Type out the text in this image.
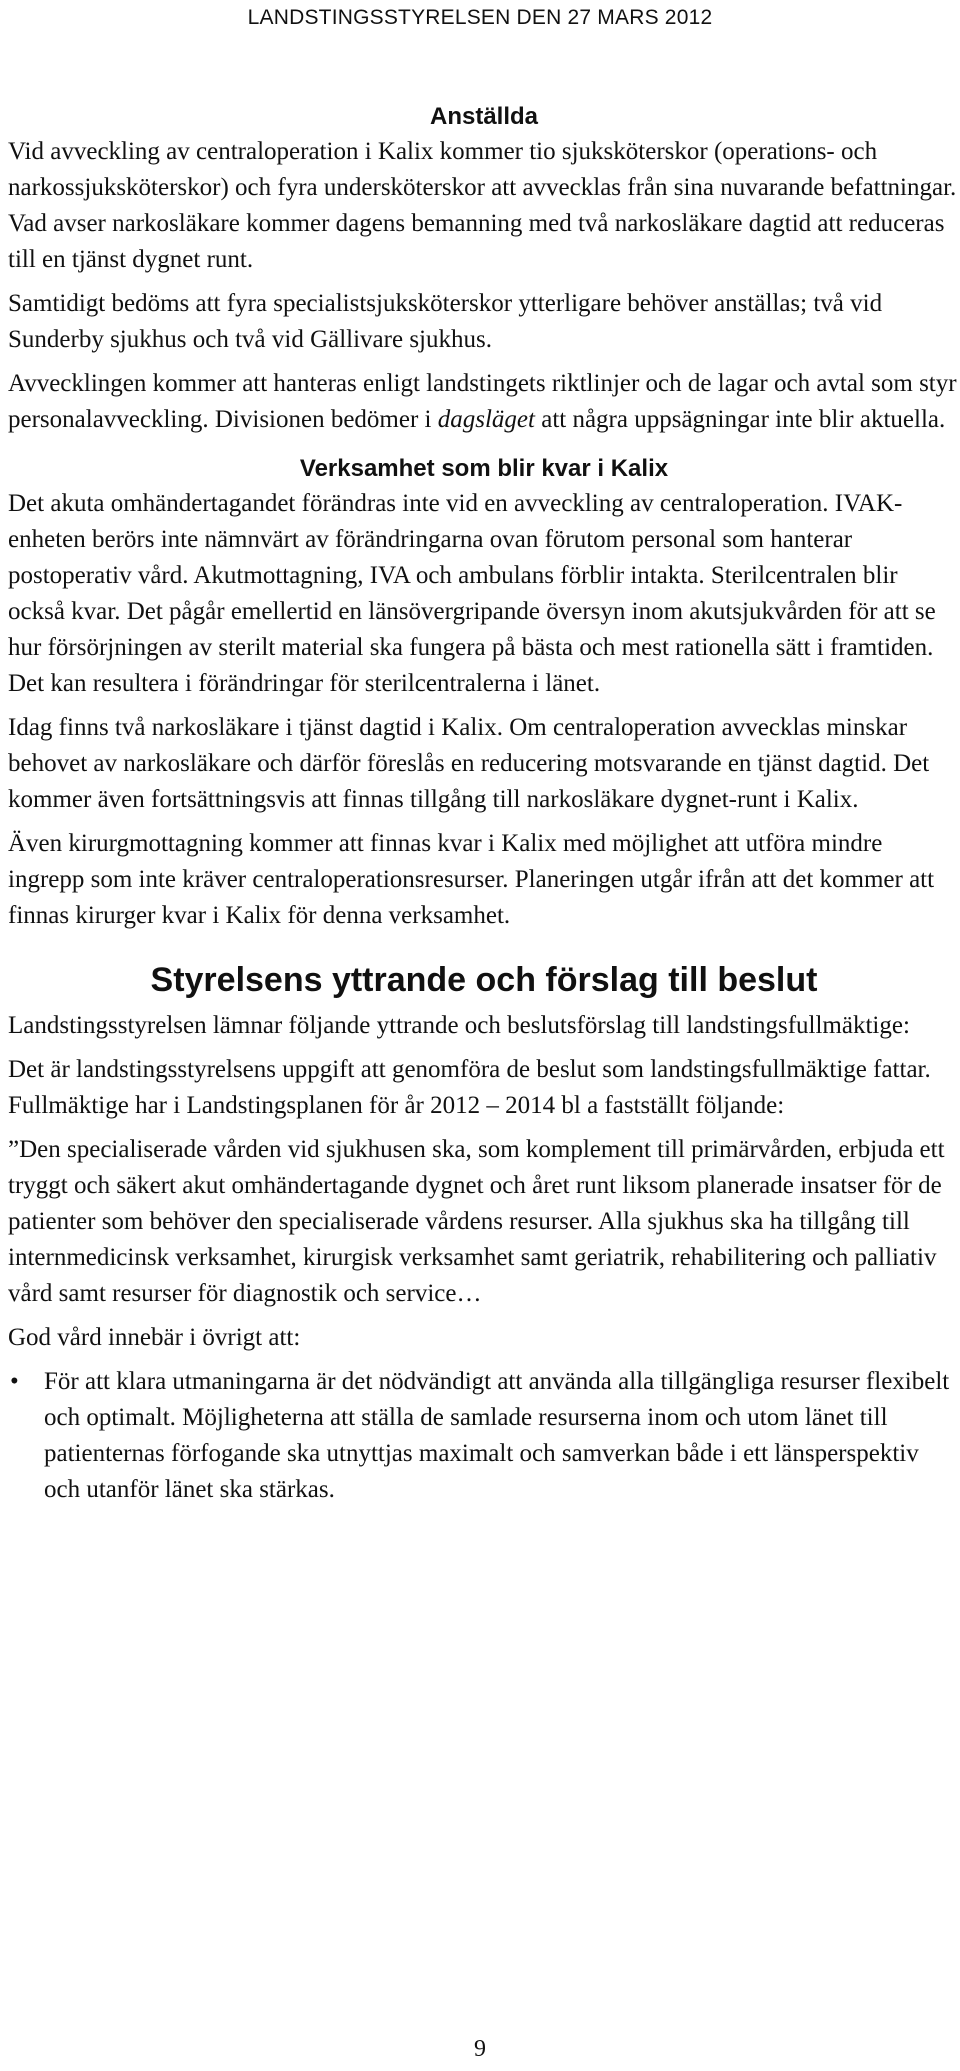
LANDSTINGSSTYRELSEN DEN 27 MARS 2012
Anställda

Vid avveckling av centraloperation i Kalix kommer tio sjuksköterskor (operations- och narkossjuksköterskor) och fyra undersköterskor att avvecklas från sina nuvarande befattningar. Vad avser narkosläkare kommer dagens bemanning med två narkosläkare dagtid att reduceras till en tjänst dygnet runt.

Samtidigt bedöms att fyra specialistsjuksköterskor ytterligare behöver anställas; två vid Sunderby sjukhus och två vid Gällivare sjukhus.

Avvecklingen kommer att hanteras enligt landstingets riktlinjer och de lagar och avtal som styr personalavveckling. Divisionen bedömer i dagsläget att några uppsägningar inte blir aktuella.

Verksamhet som blir kvar i Kalix

Det akuta omhändertagandet förändras inte vid en avveckling av centraloperation. IVAK-enheten berörs inte nämnvärt av förändringarna ovan förutom personal som hanterar postoperativ vård. Akutmottagning, IVA och ambulans förblir intakta. Sterilcentralen blir också kvar. Det pågår emellertid en länsövergripande översyn inom akutsjukvården för att se hur försörjningen av sterilt material ska fungera på bästa och mest rationella sätt i framtiden. Det kan resultera i förändringar för sterilcentralerna i länet.

Idag finns två narkosläkare i tjänst dagtid i Kalix. Om centraloperation avvecklas minskar behovet av narkosläkare och därför föreslås en reducering motsvarande en tjänst dagtid. Det kommer även fortsättningsvis att finnas tillgång till narkosläkare dygnet-runt i Kalix.

Även kirurgmottagning kommer att finnas kvar i Kalix med möjlighet att utföra mindre ingrepp som inte kräver centraloperationsresurser. Planeringen utgår ifrån att det kommer att finnas kirurger kvar i Kalix för denna verksamhet.

Styrelsens yttrande och förslag till beslut

Landstingsstyrelsen lämnar följande yttrande och beslutsförslag till landstingsfullmäktige:

Det är landstingsstyrelsens uppgift att genomföra de beslut som landstingsfullmäktige fattar. Fullmäktige har i Landstingsplanen för år 2012 – 2014 bl a fastställt följande:

”Den specialiserade vården vid sjukhusen ska, som komplement till primärvården, erbjuda ett tryggt och säkert akut omhändertagande dygnet och året runt liksom planerade insatser för de patienter som behöver den specialiserade vårdens resurser. Alla sjukhus ska ha tillgång till internmedicinsk verksamhet, kirurgisk verksamhet samt geriatrik, rehabilitering och palliativ vård samt resurser för diagnostik och service…

God vård innebär i övrigt att:

• För att klara utmaningarna är det nödvändigt att använda alla tillgängliga resurser flexibelt och optimalt. Möjligheterna att ställa de samlade resurserna inom och utom länet till patienternas förfogande ska utnyttjas maximalt och samverkan både i ett länsperspektiv och utanför länet ska stärkas.
9
